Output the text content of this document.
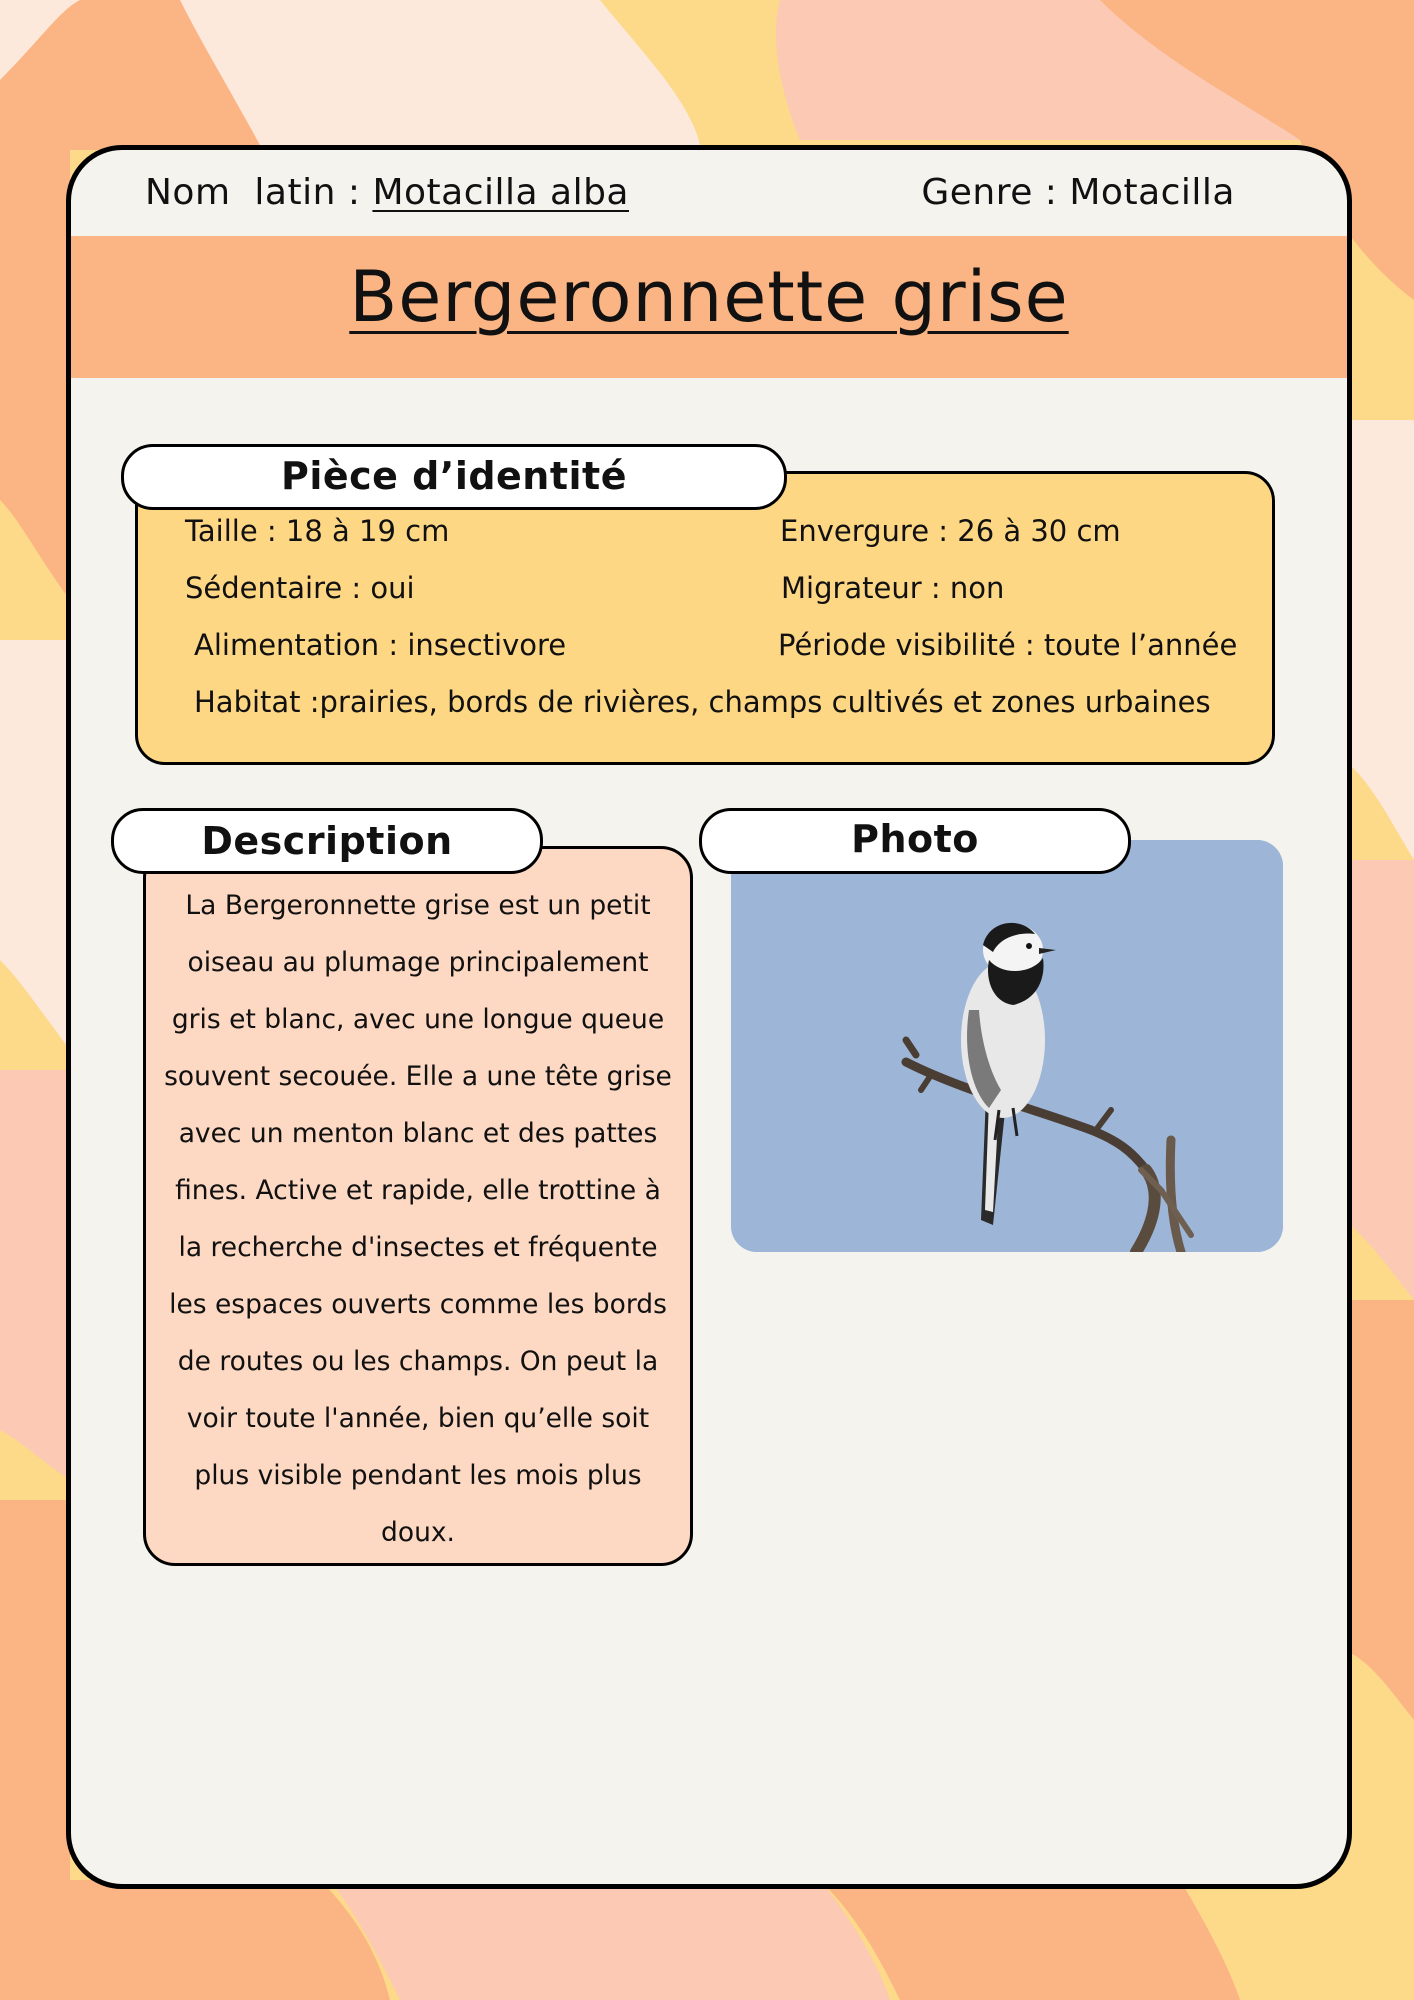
Nom  latin : Motacilla alba	Genre : Motacilla
Bergeronnette grise
Taille : 18 à 19 cm	Envergure : 26 à 30 cm
Sédentaire : oui	Migrateur : non
Alimentation : insectivore	Période visibilité : toute l’année
Habitat :prairies, bords de rivières, champs cultivés et zones urbaines
Pièce d’identité

La Bergeronnette grise est un petit oiseau au plumage principalement gris et blanc, avec une longue queue souvent secouée. Elle a une tête grise avec un menton blanc et des pattes fines. Active et rapide, elle trottine à la recherche d'insectes et fréquente les espaces ouverts comme les bords de routes ou les champs. On peut la voir toute l'année, bien qu’elle soit plus visible pendant les mois plus doux.

Description	Photo
